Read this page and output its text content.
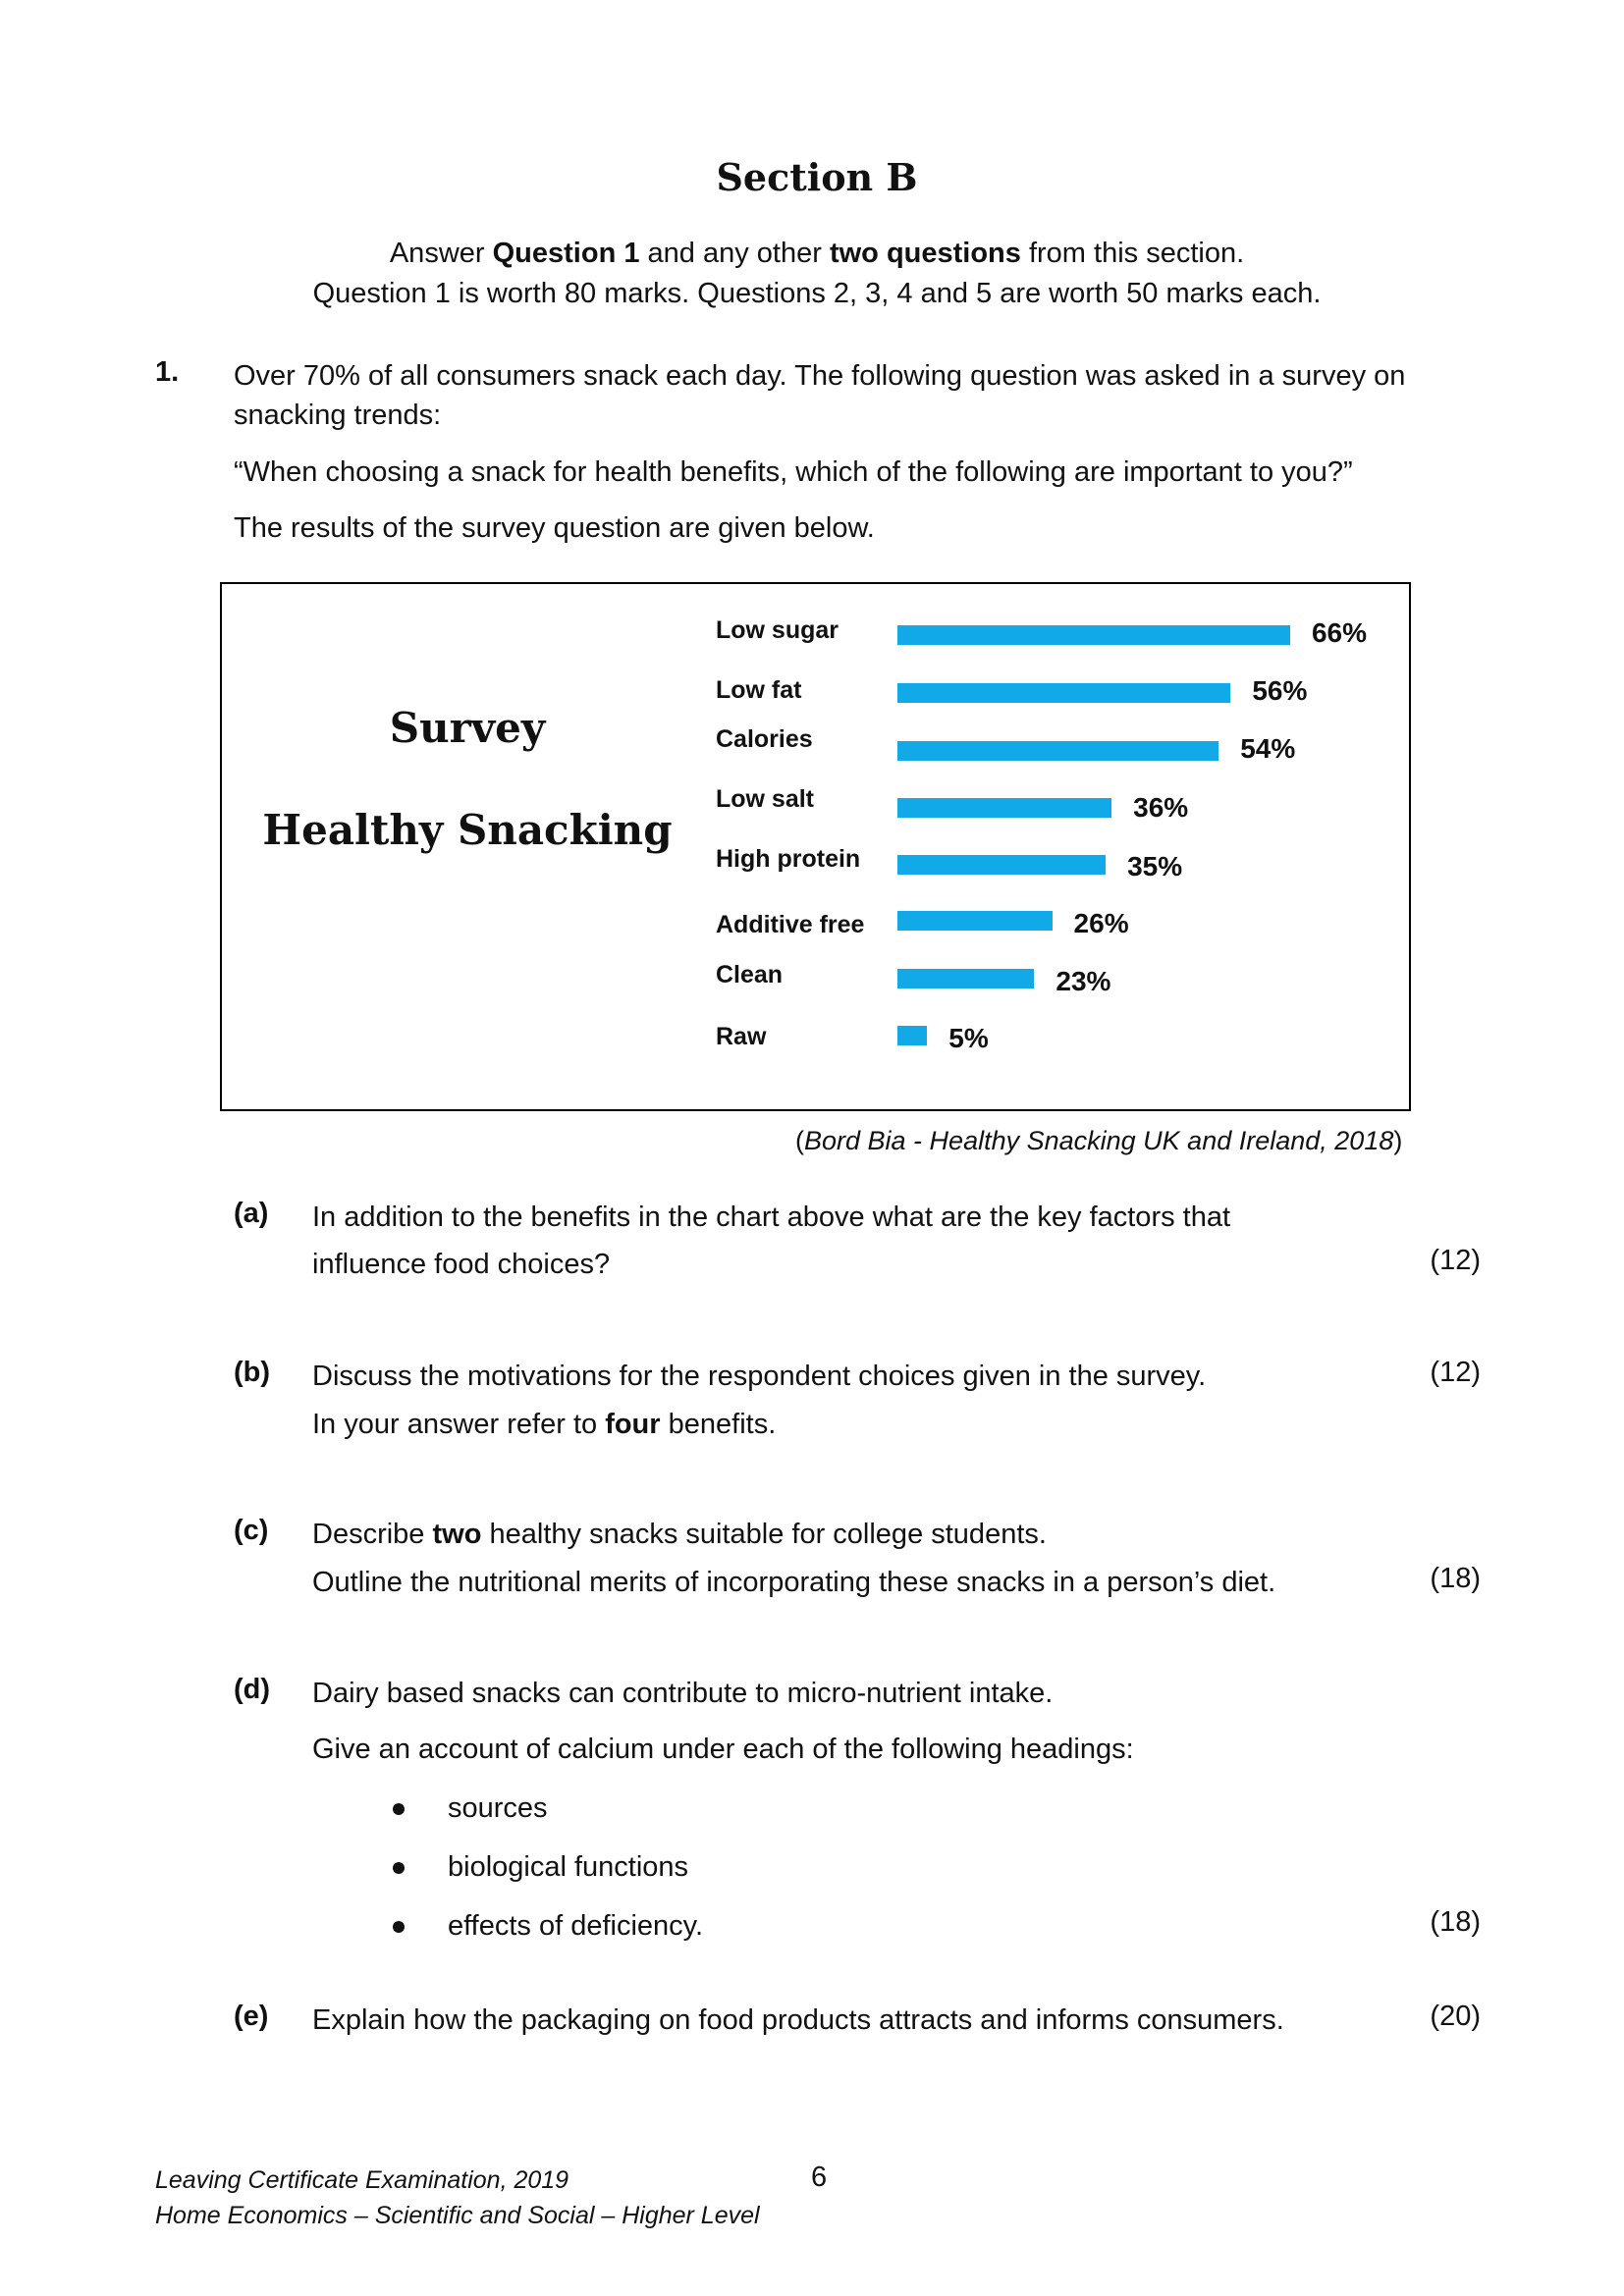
Section B
Answer Question 1 and any other two questions from this section.
Question 1 is worth 80 marks. Questions 2, 3, 4 and 5 are worth 50 marks each.
1. Over 70% of all consumers snack each day. The following question was asked in a survey on
snacking trends:
“When choosing a snack for health benefits, which of the following are important to you?”
The results of the survey question are given below.
Survey
Healthy Snacking
Low sugar	66%
Low fat	56%
Calories	54%
Low salt	36%
High protein	35%
Additive free	26%
Clean	23%
Raw	5%
(Bord Bia - Healthy Snacking UK and Ireland, 2018)
(a) In addition to the benefits in the chart above what are the key factors that
influence food choices?	(12)
(b) Discuss the motivations for the respondent choices given in the survey.	(12)
In your answer refer to four benefits.
(c) Describe two healthy snacks suitable for college students.
Outline the nutritional merits of incorporating these snacks in a person’s diet.	(18)
(d) Dairy based snacks can contribute to micro-nutrient intake.
Give an account of calcium under each of the following headings:
sources
biological functions
effects of deficiency.	(18)
(e) Explain how the packaging on food products attracts and informs consumers.	(20)
Leaving Certificate Examination, 2019
Home Economics – Scientific and Social – Higher Level
6
